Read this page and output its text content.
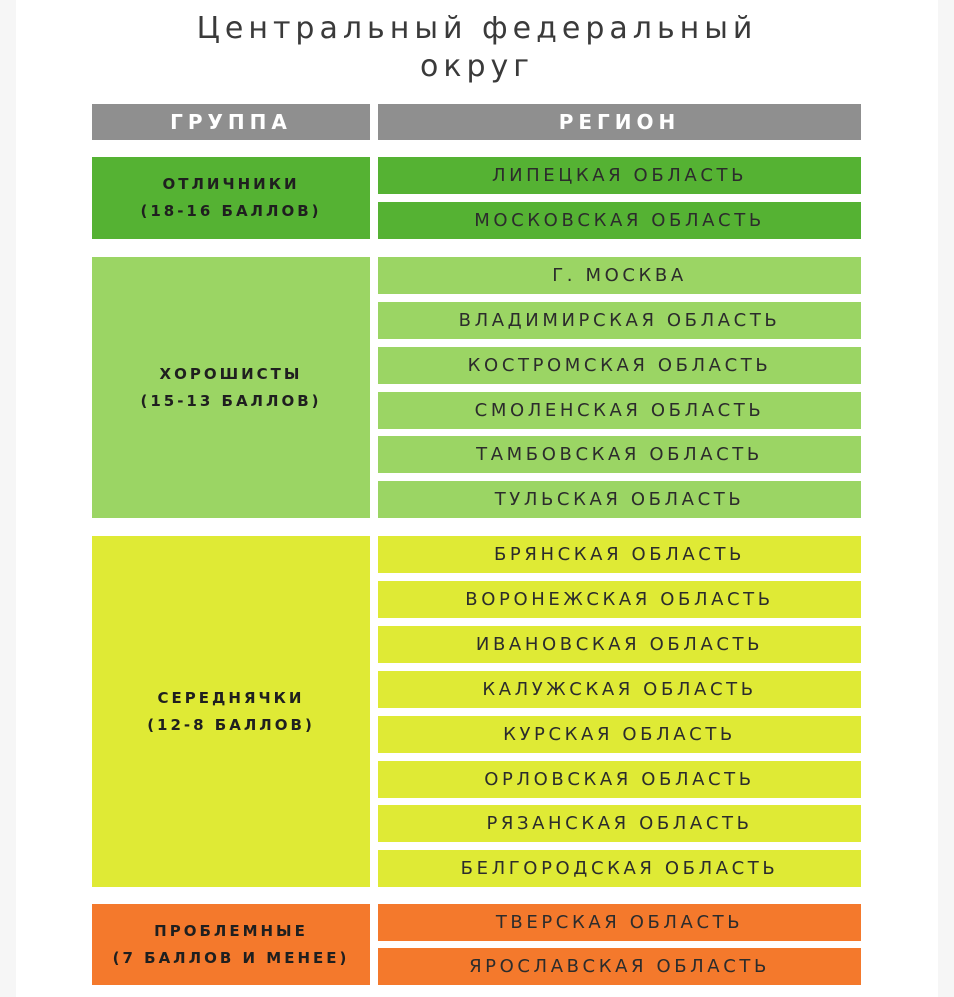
Центральный федеральный
округ
ГРУППА	РЕГИОН
ОТЛИЧНИКИ
(18-16 БАЛЛОВ)
ЛИПЕЦКАЯ ОБЛАСТЬ
МОСКОВСКАЯ ОБЛАСТЬ
ХОРОШИСТЫ
(15-13 БАЛЛОВ)
Г. МОСКВА
ВЛАДИМИРСКАЯ ОБЛАСТЬ
КОСТРОМСКАЯ ОБЛАСТЬ
СМОЛЕНСКАЯ ОБЛАСТЬ
ТАМБОВСКАЯ ОБЛАСТЬ
ТУЛЬСКАЯ ОБЛАСТЬ
СЕРЕДНЯЧКИ
(12-8 БАЛЛОВ)
БРЯНСКАЯ ОБЛАСТЬ
ВОРОНЕЖСКАЯ ОБЛАСТЬ
ИВАНОВСКАЯ ОБЛАСТЬ
КАЛУЖСКАЯ ОБЛАСТЬ
КУРСКАЯ ОБЛАСТЬ
ОРЛОВСКАЯ ОБЛАСТЬ
РЯЗАНСКАЯ ОБЛАСТЬ
БЕЛГОРОДСКАЯ ОБЛАСТЬ
ПРОБЛЕМНЫЕ
(7 БАЛЛОВ И МЕНЕЕ)
ТВЕРСКАЯ ОБЛАСТЬ
ЯРОСЛАВСКАЯ ОБЛАСТЬ
